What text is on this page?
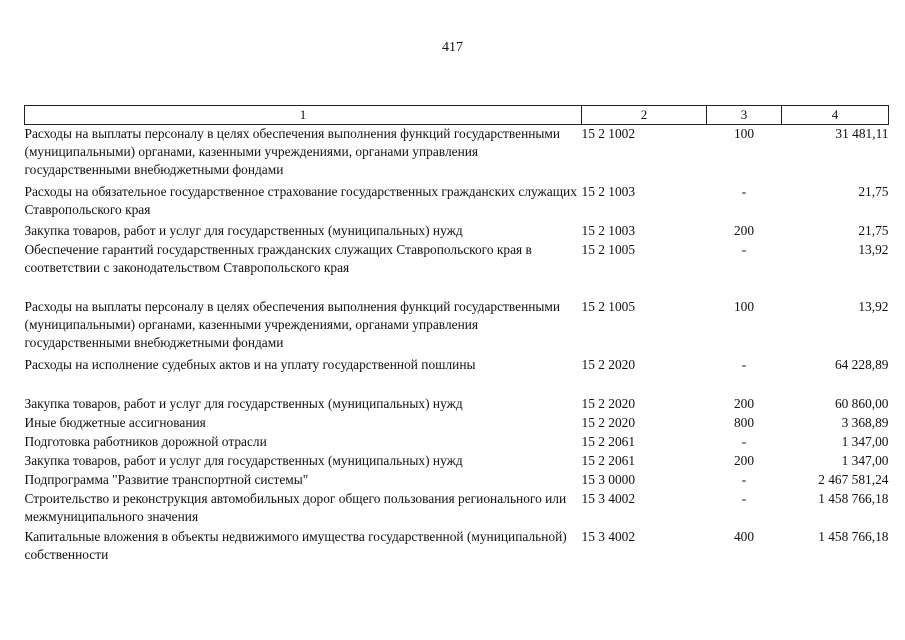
417
1	2	3	4
Расходы на выплаты персоналу в целях обеспечения выполнения функций государственными (муниципальными) органами, казенными учреждениями, органами управления государственными внебюджетными фондами	15 2 1002	100	31 481,11
Расходы на обязательное государственное страхование государственных гражданских служащих Ставропольского края	15 2 1003	-	21,75
Закупка товаров, работ и услуг для государственных (муниципальных) нужд	15 2 1003	200	21,75
Обеспечение гарантий государственных гражданских служащих Ставропольского края в соответствии с законодательством Ставропольского края	15 2 1005	-	13,92
Расходы на выплаты персоналу в целях обеспечения выполнения функций государственными (муниципальными) органами, казенными учреждениями, органами управления государственными внебюджетными фондами	15 2 1005	100	13,92
Расходы на исполнение судебных актов и на уплату государственной пошлины	15 2 2020	-	64 228,89
Закупка товаров, работ и услуг для государственных (муниципальных) нужд	15 2 2020	200	60 860,00
Иные бюджетные ассигнования	15 2 2020	800	3 368,89
Подготовка работников дорожной отрасли	15 2 2061	-	1 347,00
Закупка товаров, работ и услуг для государственных (муниципальных) нужд	15 2 2061	200	1 347,00
Подпрограмма "Развитие транспортной системы"	15 3 0000	-	2 467 581,24
Строительство и реконструкция автомобильных дорог общего пользования регионального или межмуниципального значения	15 3 4002	-	1 458 766,18
Капитальные вложения в объекты недвижимого имущества государственной (муниципальной) собственности	15 3 4002	400	1 458 766,18
